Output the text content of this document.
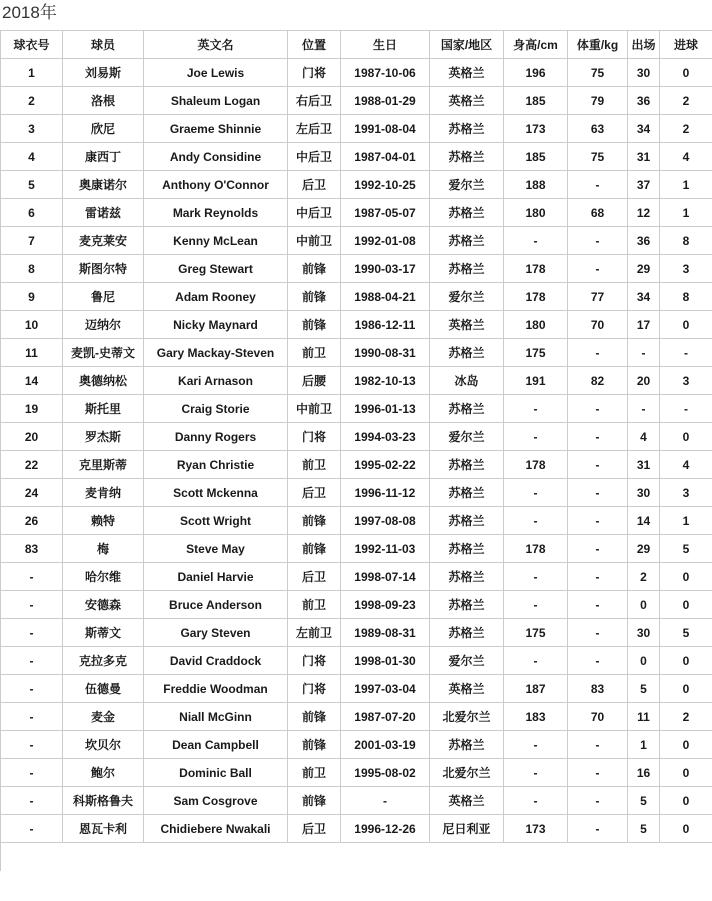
2018年
球衣号	球员	英文名	位置	生日	国家/地区	身高/cm	体重/kg	出场	进球
1	刘易斯	Joe Lewis	门将	1987-10-06	英格兰	196	75	30	0
2	洛根	Shaleum Logan	右后卫	1988-01-29	英格兰	185	79	36	2
3	欣尼	Graeme Shinnie	左后卫	1991-08-04	苏格兰	173	63	34	2
4	康西丁	Andy Considine	中后卫	1987-04-01	苏格兰	185	75	31	4
5	奥康诺尔	Anthony O'Connor	后卫	1992-10-25	爱尔兰	188	-	37	1
6	雷诺兹	Mark Reynolds	中后卫	1987-05-07	苏格兰	180	68	12	1
7	麦克莱安	Kenny McLean	中前卫	1992-01-08	苏格兰	-	-	36	8
8	斯图尔特	Greg Stewart	前锋	1990-03-17	苏格兰	178	-	29	3
9	鲁尼	Adam Rooney	前锋	1988-04-21	爱尔兰	178	77	34	8
10	迈纳尔	Nicky Maynard	前锋	1986-12-11	英格兰	180	70	17	0
11	麦凯-史蒂文	Gary Mackay-Steven	前卫	1990-08-31	苏格兰	175	-	-	-
14	奥德纳松	Kari Arnason	后腰	1982-10-13	冰岛	191	82	20	3
19	斯托里	Craig Storie	中前卫	1996-01-13	苏格兰	-	-	-	-
20	罗杰斯	Danny Rogers	门将	1994-03-23	爱尔兰	-	-	4	0
22	克里斯蒂	Ryan Christie	前卫	1995-02-22	苏格兰	178	-	31	4
24	麦肯纳	Scott Mckenna	后卫	1996-11-12	苏格兰	-	-	30	3
26	赖特	Scott Wright	前锋	1997-08-08	苏格兰	-	-	14	1
83	梅	Steve May	前锋	1992-11-03	苏格兰	178	-	29	5
-	哈尔维	Daniel Harvie	后卫	1998-07-14	苏格兰	-	-	2	0
-	安德森	Bruce Anderson	前卫	1998-09-23	苏格兰	-	-	0	0
-	斯蒂文	Gary Steven	左前卫	1989-08-31	苏格兰	175	-	30	5
-	克拉多克	David Craddock	门将	1998-01-30	爱尔兰	-	-	0	0
-	伍德曼	Freddie Woodman	门将	1997-03-04	英格兰	187	83	5	0
-	麦金	Niall McGinn	前锋	1987-07-20	北爱尔兰	183	70	11	2
-	坎贝尔	Dean Campbell	前锋	2001-03-19	苏格兰	-	-	1	0
-	鲍尔	Dominic Ball	前卫	1995-08-02	北爱尔兰	-	-	16	0
-	科斯格鲁夫	Sam Cosgrove	前锋	-	英格兰	-	-	5	0
-	恩瓦卡利	Chidiebere Nwakali	后卫	1996-12-26	尼日利亚	173	-	5	0
